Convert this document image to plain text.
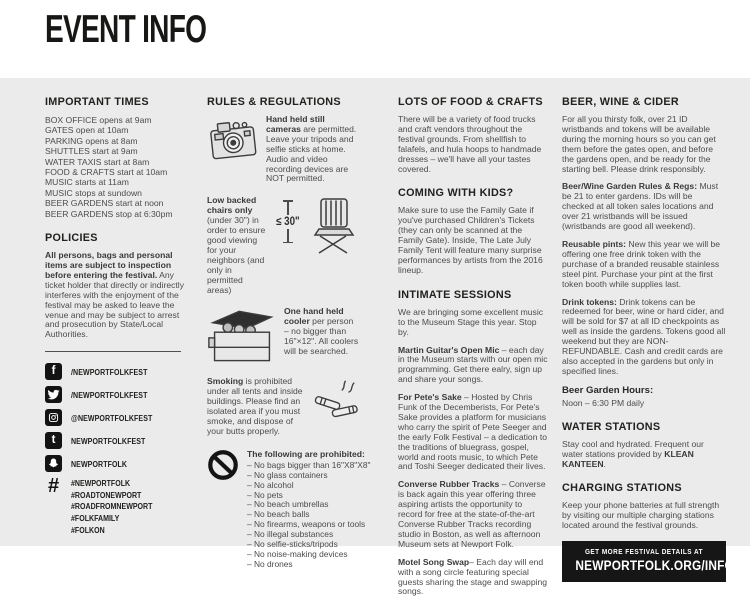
EVENT INFO
IMPORTANT TIMES
BOX OFFICE opens at 9am
GATES open at 10am
PARKING opens at 8am
SHUTTLES start at 9am
WATER TAXIS start at 8am
FOOD & CRAFTS start at 10am
MUSIC starts at 11am
MUSIC stops at sundown
BEER GARDENS start at noon
BEER GARDENS stop at 6:30pm
POLICIES

All persons, bags and personal items are subject to inspection before entering the festival. Any ticket holder that directly or indirectly interferes with the enjoyment of the festival may be asked to leave the venue and may be subject to arrest and prosecution by State/Local Authorities.

f	/NEWPORTFOLKFEST
/NEWPORTFOLKFEST
@NEWPORTFOLKFEST
t	NEWPORTFOLKFEST
NEWPORTFOLK
#	#NEWPORTFOLK
#ROADTONEWPORT
#ROADFROMNEWPORT
#FOLKFAMILY
#FOLKON
RULES & REGULATIONS

Hand held still cameras are permitted. Leave your tripods and selfie sticks at home. Audio and video recording devices are NOT permitted.

Low backed chairs only (under 30") in order to ensure good viewing for your neighbors (and only in permitted areas)

≤ 30"

One hand held cooler per person – no bigger than 16"×12". All coolers will be searched.

Smoking is prohibited under all tents and inside buildings. Please find an isolated area if you must smoke, and dispose of your butts properly.

The following are prohibited:

– No bags bigger than 16"X8"X8"
– No glass containers
– No alcohol
– No pets
– No beach umbrellas
– No beach balls
– No firearms, weapons or tools
– No illegal substances
– No selfie-sticks/tripods
– No noise-making devices
– No drones
LOTS OF FOOD & CRAFTS

There will be a variety of food trucks and craft vendors throughout the festival grounds. From shellfish to falafels, and hula hoops to handmade dresses – we'll have all your tastes covered.

COMING WITH KIDS?

Make sure to use the Family Gate if you've purchased Children's Tickets (they can only be scanned at the Family Gate). Inside, The Late July Family Tent will feature many surprise performances by artists from the 2016 lineup.

INTIMATE SESSIONS

We are bringing some excellent music to the Museum Stage this year. Stop by.

Martin Guitar's Open Mic – each day in the Museum starts with our open mic programming. Get there ealry, sign up and share your songs.

For Pete's Sake – Hosted by Chris Funk of the Decemberists, For Pete's Sake provides a platform for musicians who carry the spirit of Pete Seeger and the early Folk Festival – a dedication to the traditions of bluegrass, gospel, world and roots music, to which Pete and Toshi Seeger dedicated their lives.

Converse Rubber Tracks – Converse is back again this year offering three aspiring artists the opportunity to record for free at the state-of-the-art Converse Rubber Tracks recording studio in Boston, as well as afternoon Museum sets at Newport Folk.

Motel Song Swap– Each day will end with a song circle featuring special guests sharing the stage and swapping songs.

BEER, WINE & CIDER

For all you thirsty folk, over 21 ID wristbands and tokens will be available during the morning hours so you can get them before the gates open, and before the gardens open, and be ready for the starting bell. Please drink responsibly.

Beer/Wine Garden Rules & Regs: Must be 21 to enter gardens. IDs will be checked at all token sales locations and over 21 wristbands will be issued (wristbands are good all weekend).

Reusable pints: New this year we will be offering one free drink token with the purchase of a branded reusable stainless steel pint. Purchase your pint at the first token booth while supplies last.

Drink tokens: Drink tokens can be redeemed for beer, wine or hard cider, and will be sold for $7 at all ID checkpoints as well as inside the gardens. Tokens good all weekend but they are NON-REFUNDABLE. Cash and credit cards are also accepted in the gardens but only in specified lines.

Beer Garden Hours:
Noon – 6:30 PM daily
WATER STATIONS

Stay cool and hydrated. Frequent our water stations provided by KLEAN KANTEEN.

CHARGING STATIONS

Keep your phone batteries at full strength by visiting our multiple charging stations located around the festival grounds.

GET MORE FESTIVAL DETAILS AT
NEWPORTFOLK.ORG/INFO
